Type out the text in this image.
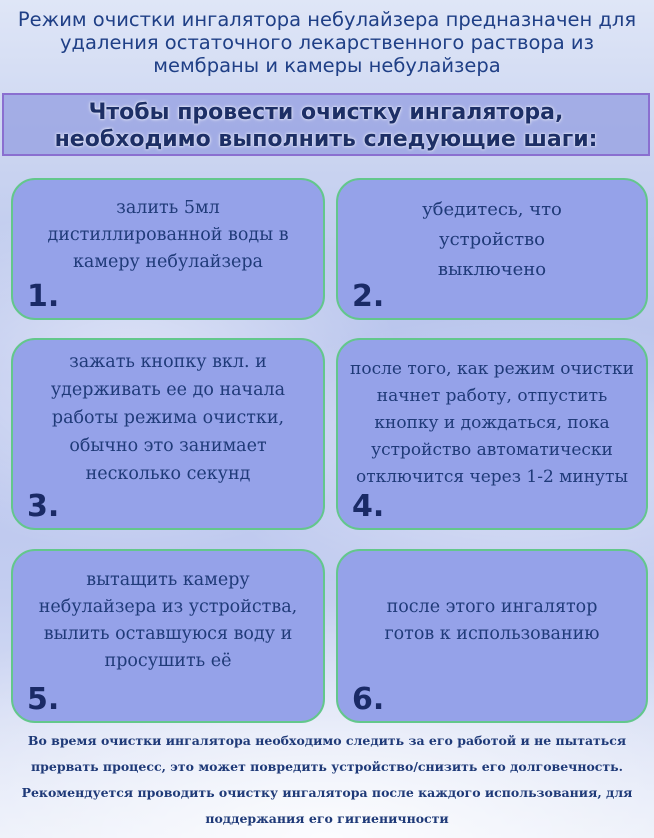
Режим очистки ингалятора небулайзера предназначен для удаления остаточного лекарственного раствора из мембраны и камеры небулайзера
Чтобы провести очистку ингалятора,
необходимо выполнить следующие шаги:
залить 5мл дистиллированной воды в камеру небулайзера
1.
убедитесь, что устройство выключено
2.
зажать кнопку вкл. и удерживать ее до начала работы режима очистки, обычно это занимает несколько секунд
3.
после того, как режим очистки начнет работу, отпустить кнопку и дождаться, пока устройство автоматически отключится через 1-2 минуты
4.
вытащить камеру небулайзера из устройства, вылить оставшуюся воду и просушить её
5.
после этого ингалятор готов к использованию
6.
Во время очистки ингалятора необходимо следить за его работой и не пытаться прервать процесс, это может повредить устройство/снизить его долговечность. Рекомендуется проводить очистку ингалятора после каждого использования, для поддержания его гигиеничности
